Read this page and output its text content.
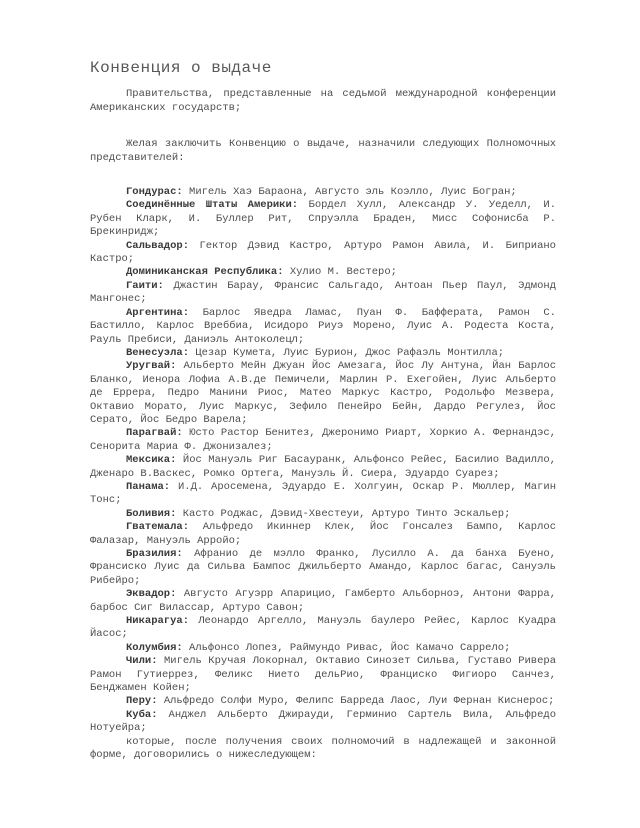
Конвенция о выдаче

Правительства, представленные на седьмой международной конференции Американских государств;

Желая заключить Конвенцию о выдаче, назначили следующих Полномочных представителей:

Гондурас: Мигель Хаэ Бараона, Августо эль Коэлло, Луис Богран;

Соединённые Штаты Америки: Бордел Хулл, Александр У. Уеделл, И. Рубен Кларк, И. Буллер Рит, Спруэлла Браден, Мисс Софонисба Р. Брекинридж;

Сальвадор: Гектор Дэвид Кастро, Артуро Рамон Авила, И. Биприано Кастро;

Доминиканская Республика: Хулио М. Вестеро;

Гаити: Джастин Барау, Франсис Сальгадо, Антоан Пьер Паул, Эдмонд Мангонес;

Аргентина: Барлос Яведра Ламас, Пуан Ф. Бафферата, Рамон С. Бастилло, Карлос Вреббиа, Исидоро Риуэ Морено, Луис А. Родеста Коста, Рауль Пребиси, Даниэль Антоколецл;

Венесуэла: Цезар Кумета, Луис Бурион, Джос Рафаэль Монтилла;

Уругвай: Альберто Мейн Джуан Йос Амезага, Йос Лу Антуна, Йан Барлос Бланко, Иенора Лофиа А.В.де Пемичели, Марлин Р. Ехегойен, Луис Альберто де Еррера, Педро Манини Риос, Матео Маркус Кастро, Родольфо Мезвера, Октавио Морато, Луис Маркус, Зефило Пенейро Бейн, Дардо Регулез, Йос Серато, Йос Бедро Варела;

Парагвай: Юсто Растор Бенитез, Джеронимо Риарт, Хоркио А. Фернандэс, Сенорита Мариа Ф. Джонизалез;

Мексика: Йос Мануэль Риг Басауранк, Альфонсо Рейес, Басилио Вадилло, Дженаро В.Васкес, Ромко Ортега, Мануэль Й. Сиера, Эдуардо Суарез;

Панама: И.Д. Аросемена, Эдуардо Е. Холгуин, Оскар Р. Мюллер, Магин Тонс;

Боливия: Касто Роджас, Дэвид-Хвестеуи, Артуро Тинто Эскальер;

Гватемала: Альфредо Икиннер Клек, Йос Гонсалез Бампо, Карлос Фалазар, Мануэль Арройо;

Бразилия: Афранио де мэлло Франко, Лусилло А. да банха Буено, Франсиско Луис да Сильва Бампос Джильберто Амандо, Карлос багас, Сануэль Рибейро;

Эквадор: Августо Агуэрр Апарицио, Гамберто Альборноэ, Антони Фарра, барбос Сиг Вилассар, Артуро Савон;

Никарагуа: Леонардо Аргелло, Мануэль баулеро Рейес, Карлос Куадра Йасос;

Колумбия: Альфонсо Лопез, Раймундо Ривас, Йос Камачо Саррело;

Чили: Мигель Кручая Локорнал, Октавио Синозет Сильва, Густаво Ривера Рамон Гутиеррез, Феликс Нието дельРио, Франциско Фигиоро Санчез, Бенджамен Койен;

Перу: Альфредо Солфи Муро, Фелипс Барреда Лаос, Луи Фернан Киснерос;

Куба: Анджел Альберто Джирауди, Герминио Сартель Вила, Альфредо Нотуейра;

которые, после получения своих полномочий в надлежащей и законной форме, договорились о нижеследующем:
